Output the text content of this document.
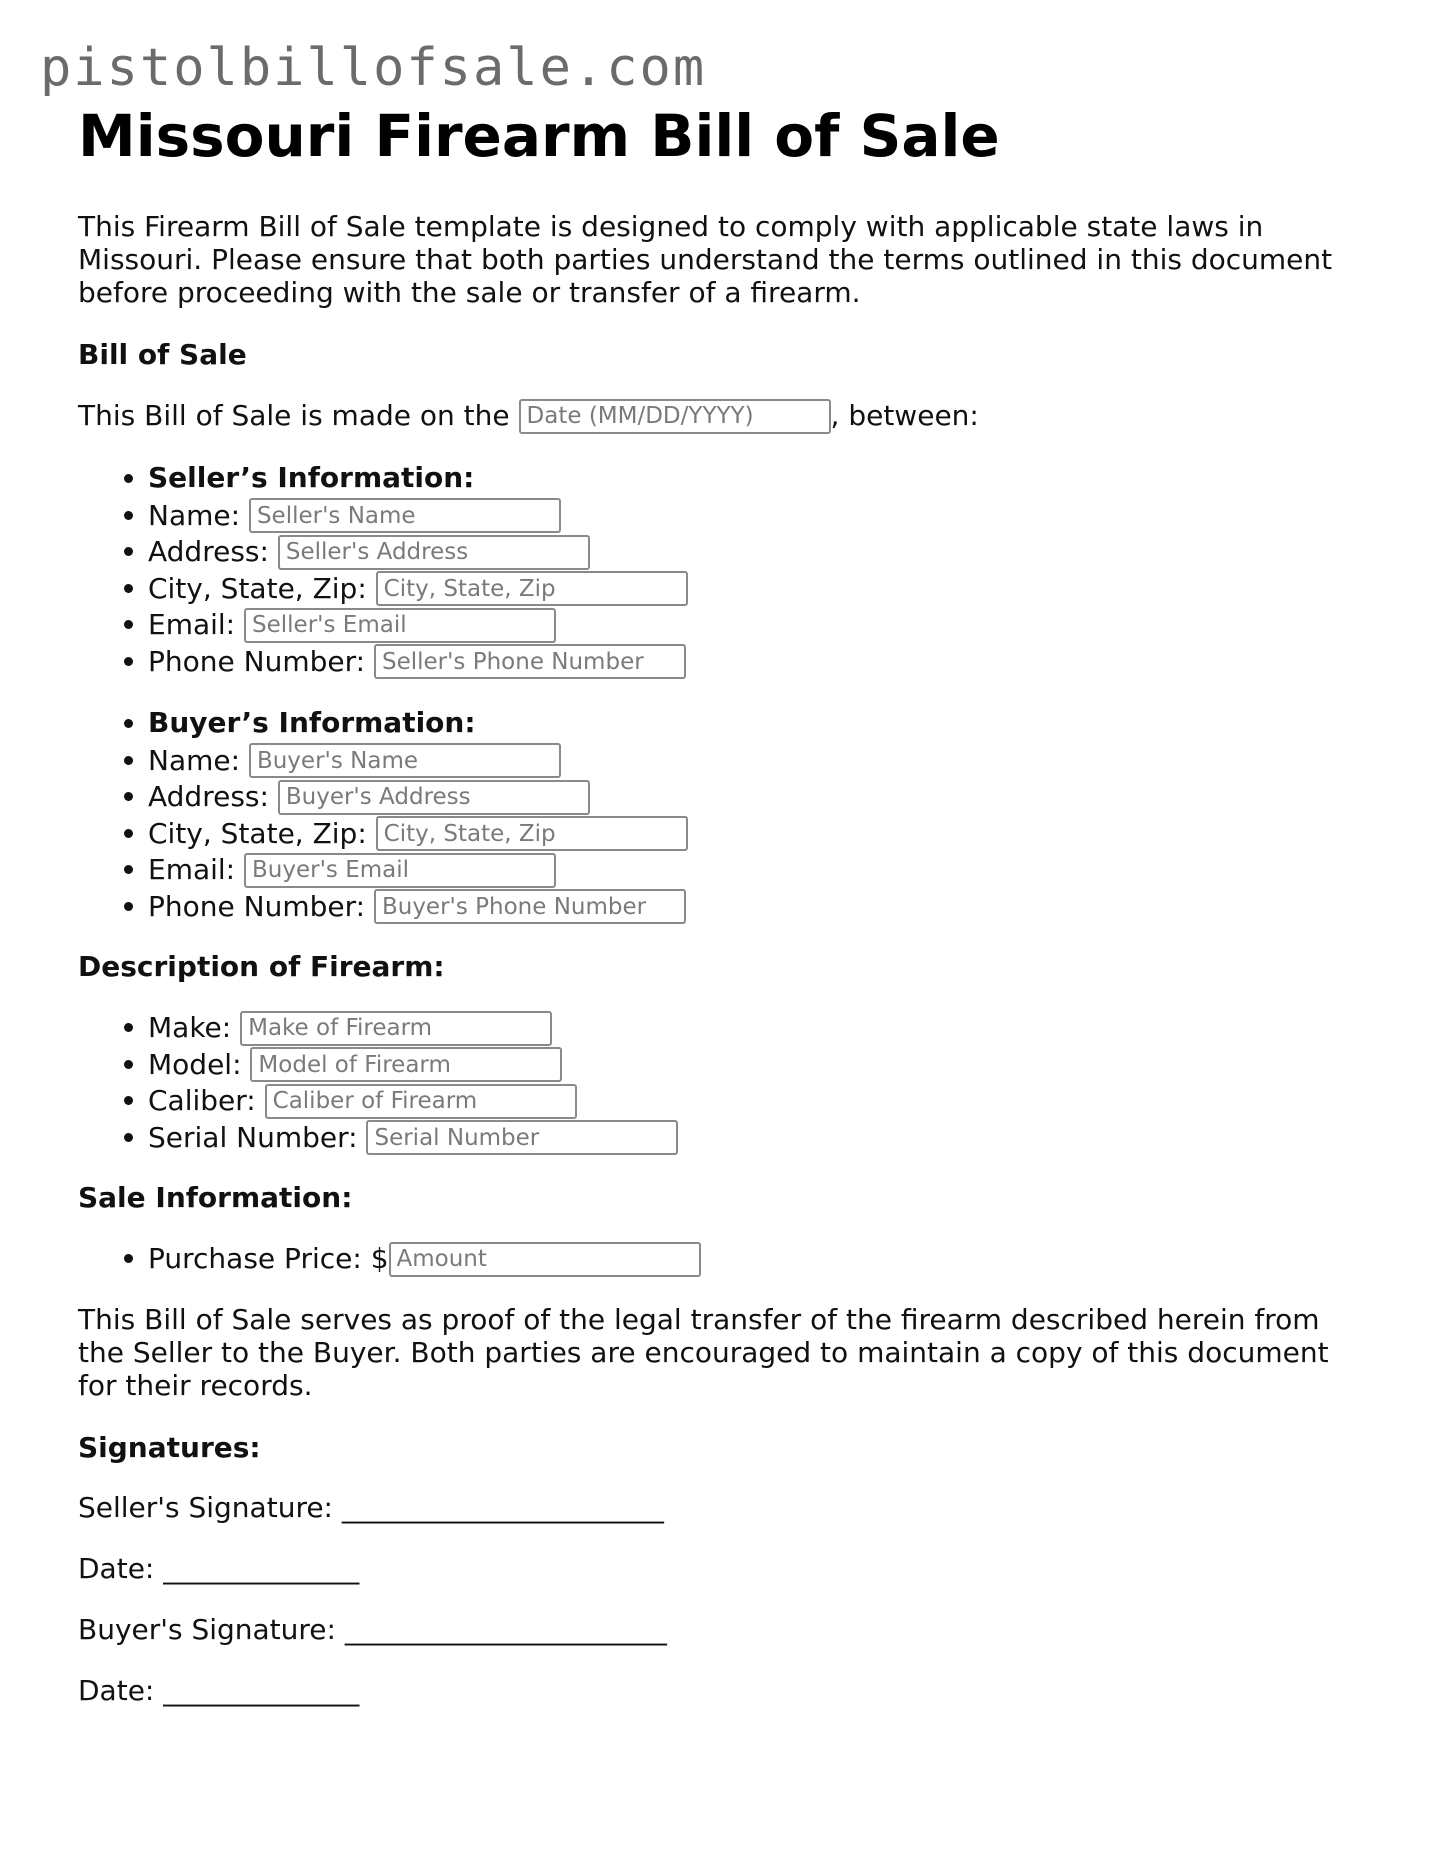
pistolbillofsale.com
Missouri Firearm Bill of Sale

This Firearm Bill of Sale template is designed to comply with applicable state laws in Missouri. Please ensure that both parties understand the terms outlined in this document before proceeding with the sale or transfer of a firearm.

Bill of Sale
This Bill of Sale is made on the

Date (MM/DD/YYYY)	, between:
• Seller’s Information:
• Name: Seller's Name
• Address: Seller's Address
• City, State, Zip: City, State, Zip
• Email: Seller's Email
• Phone Number: Seller's Phone Number
• Buyer’s Information:
• Name: Buyer's Name
• Address: Buyer's Address
• City, State, Zip: City, State, Zip
• Email: Buyer's Email
• Phone Number: Buyer's Phone Number
Description of Firearm:
• Make: Make of Firearm
• Model: Model of Firearm
• Caliber: Caliber of Firearm
• Serial Number: Serial Number
Sale Information:
• Purchase Price: $Amount

This Bill of Sale serves as proof of the legal transfer of the firearm described herein from the Seller to the Buyer. Both parties are encouraged to maintain a copy of this document for their records.

Signatures:
Seller's Signature: _______________________
Date: ______________
Buyer's Signature: _______________________
Date: ______________
